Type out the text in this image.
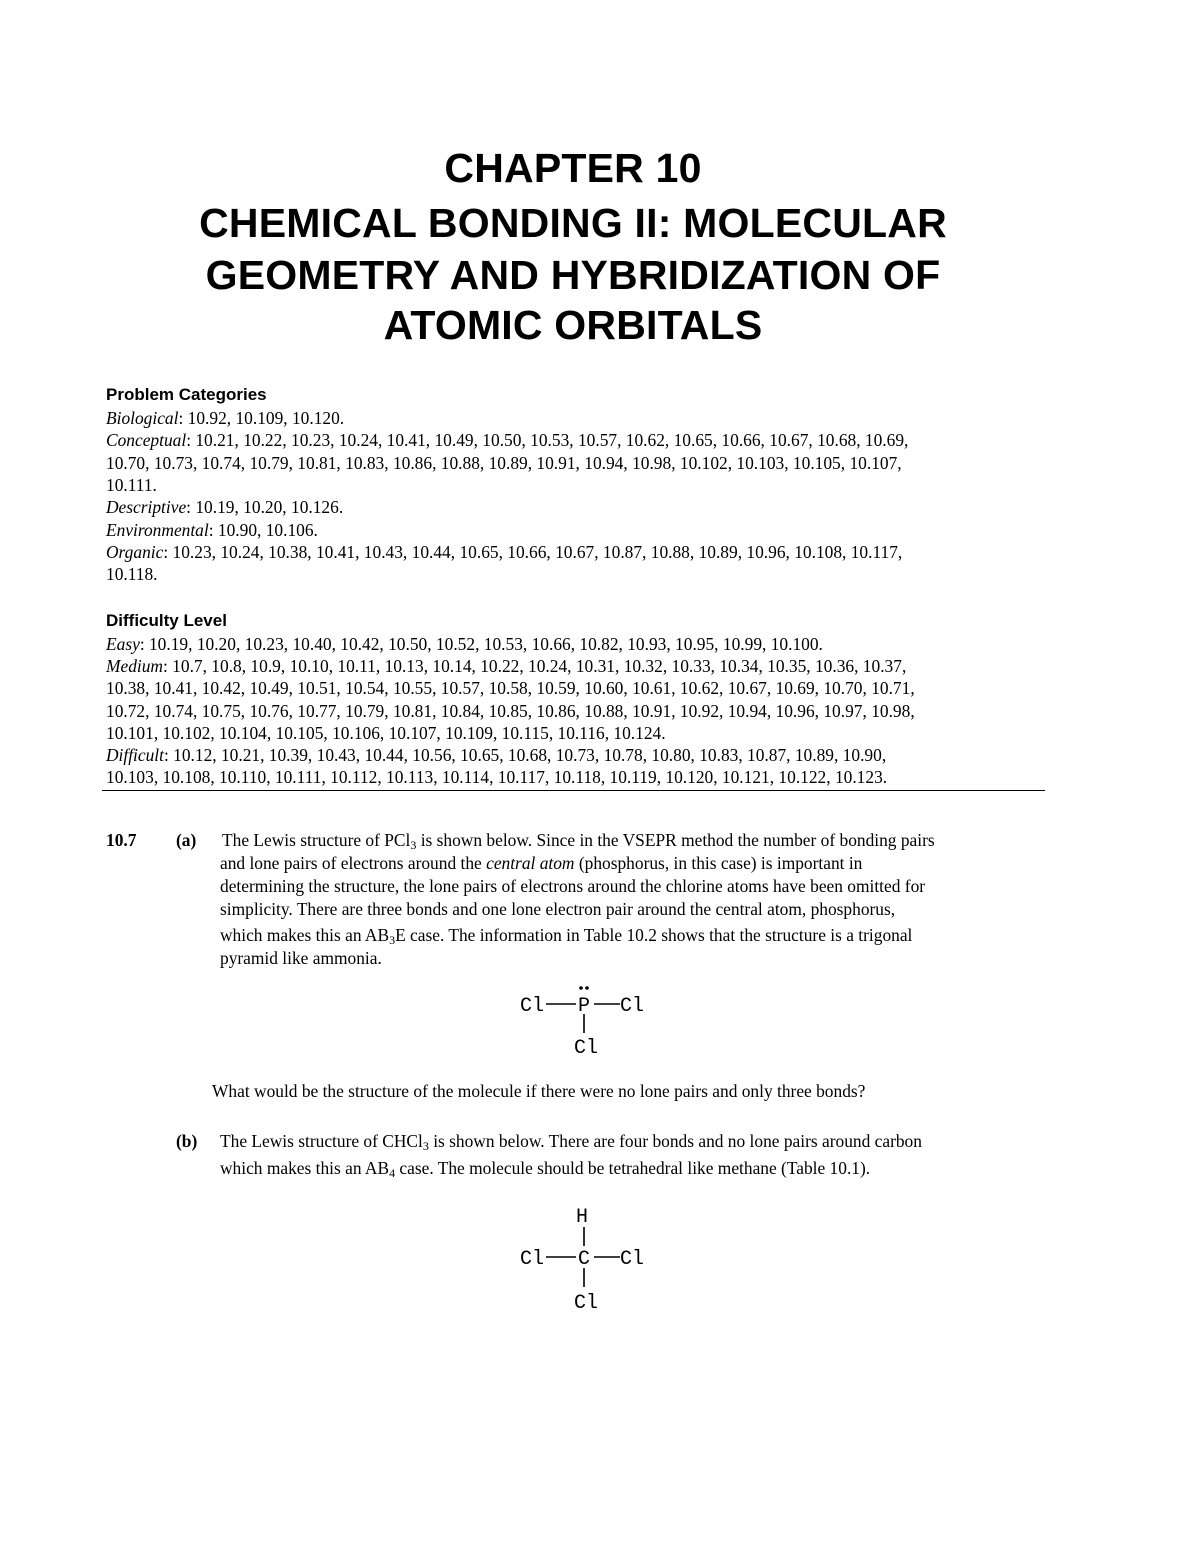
CHAPTER 10
CHEMICAL BONDING II: MOLECULAR
GEOMETRY AND HYBRIDIZATION OF
ATOMIC ORBITALS
Problem Categories
Biological: 10.92, 10.109, 10.120.
Conceptual: 10.21, 10.22, 10.23, 10.24, 10.41, 10.49, 10.50, 10.53, 10.57, 10.62, 10.65, 10.66, 10.67, 10.68, 10.69,
10.70, 10.73, 10.74, 10.79, 10.81, 10.83, 10.86, 10.88, 10.89, 10.91, 10.94, 10.98, 10.102, 10.103, 10.105, 10.107,
10.111.
Descriptive: 10.19, 10.20, 10.126.
Environmental: 10.90, 10.106.
Organic: 10.23, 10.24, 10.38, 10.41, 10.43, 10.44, 10.65, 10.66, 10.67, 10.87, 10.88, 10.89, 10.96, 10.108, 10.117,
10.118.
Difficulty Level
Easy: 10.19, 10.20, 10.23, 10.40, 10.42, 10.50, 10.52, 10.53, 10.66, 10.82, 10.93, 10.95, 10.99, 10.100.
Medium: 10.7, 10.8, 10.9, 10.10, 10.11, 10.13, 10.14, 10.22, 10.24, 10.31, 10.32, 10.33, 10.34, 10.35, 10.36, 10.37,
10.38, 10.41, 10.42, 10.49, 10.51, 10.54, 10.55, 10.57, 10.58, 10.59, 10.60, 10.61, 10.62, 10.67, 10.69, 10.70, 10.71,
10.72, 10.74, 10.75, 10.76, 10.77, 10.79, 10.81, 10.84, 10.85, 10.86, 10.88, 10.91, 10.92, 10.94, 10.96, 10.97, 10.98,
10.101, 10.102, 10.104, 10.105, 10.106, 10.107, 10.109, 10.115, 10.116, 10.124.
Difficult: 10.12, 10.21, 10.39, 10.43, 10.44, 10.56, 10.65, 10.68, 10.73, 10.78, 10.80, 10.83, 10.87, 10.89, 10.90,
10.103, 10.108, 10.110, 10.111, 10.112, 10.113, 10.114, 10.117, 10.118, 10.119, 10.120, 10.121, 10.122, 10.123.
10.7 (a) The Lewis structure of PCl$_3$ is shown below. Since in the VSEPR method the number of bonding pairs
and lone pairs of electrons around the central atom (phosphorus, in this case) is important in
determining the structure, the lone pairs of electrons around the chlorine atoms have been omitted for
simplicity. There are three bonds and one lone electron pair around the central atom, phosphorus,
which makes this an $AB_3E$ case. The information in Table 10.2 shows that the structure is a trigonal
pyramid like ammonia.
Cl P Cl
Cl
What would be the structure of the molecule if there were no lone pairs and only three bonds?
(b) The Lewis structure of CHCl$_3$ is shown below. There are four bonds and no lone pairs around carbon
which makes this an $AB_4$ case. The molecule should be tetrahedral like methane (Table 10.1).
H
Cl C Cl
Cl
